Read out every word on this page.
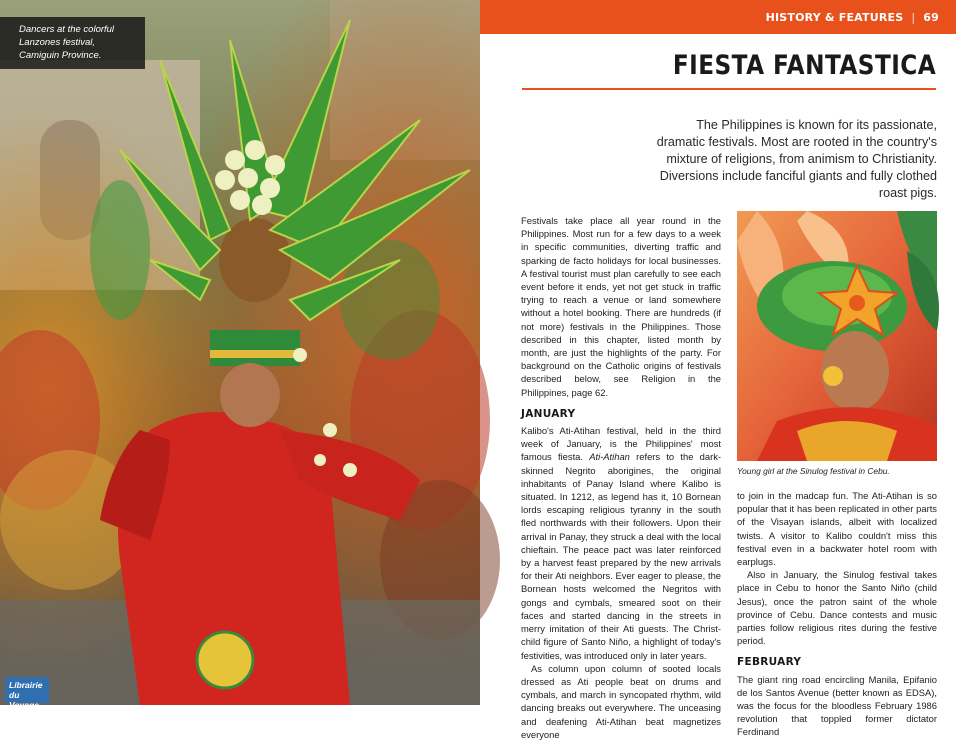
Dancers at the colorful Lanzones festival, Camiguin Province.
Librairie du Voyage
HISTORY & FEATURES | 69
FIESTA FANTASTICA
The Philippines is known for its passionate, dramatic festivals. Most are rooted in the country's mixture of religions, from animism to Christianity. Diversions include fanciful giants and fully clothed roast pigs.

Festivals take place all year round in the Philippines. Most run for a few days to a week in specific communities, diverting traffic and sparking de facto holidays for local businesses. A festival tourist must plan carefully to see each event before it ends, yet not get stuck in traffic trying to reach a venue or land somewhere without a hotel booking. There are hundreds (if not more) festivals in the Philippines. Those described in this chapter, listed month by month, are just the highlights of the party. For background on the Catholic origins of festivals described below, see Religion in the Philippines, page 62.

JANUARY

Kalibo's Ati-Atihan festival, held in the third week of January, is the Philippines' most famous fiesta. Ati-Atihan refers to the dark-skinned Negrito aborigines, the original inhabitants of Panay Island where Kalibo is situated. In 1212, as legend has it, 10 Bornean lords escaping religious tyranny in the south fled northwards with their followers. Upon their arrival in Panay, they struck a deal with the local chieftain. The peace pact was later reinforced by a harvest feast prepared by the new arrivals for their Ati neighbors. Ever eager to please, the Bornean hosts welcomed the Negritos with gongs and cymbals, smeared soot on their faces and started dancing in the streets in merry imitation of their Ati guests. The Christ-child figure of Santo Niño, a highlight of today's festivities, was introduced only in later years.

As column upon column of sooted locals dressed as Ati people beat on drums and cymbals, and march in syncopated rhythm, wild dancing breaks out everywhere. The unceasing and deafening Ati-Atihan beat magnetizes everyone

Young girl at the Sinulog festival in Cebu.

to join in the madcap fun. The Ati-Atihan is so popular that it has been replicated in other parts of the Visayan islands, albeit with localized twists. A visitor to Kalibo couldn't miss this festival even in a backwater hotel room with earplugs.

Also in January, the Sinulog festival takes place in Cebu to honor the Santo Niño (child Jesus), once the patron saint of the whole province of Cebu. Dance contests and music parties follow religious rites during the festive period.

FEBRUARY

The giant ring road encircling Manila, Epifanio de los Santos Avenue (better known as EDSA), was the focus for the bloodless February 1986 revolution that toppled former dictator Ferdinand
